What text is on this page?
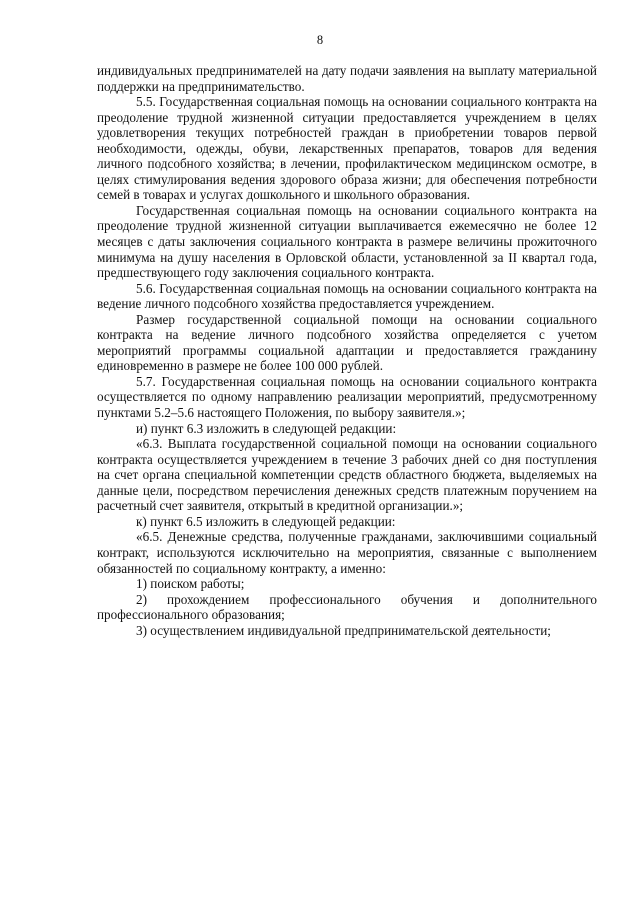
8

индивидуальных предпринимателей на дату подачи заявления на выплату материальной поддержки на предпринимательство.

5.5. Государственная социальная помощь на основании социального контракта на преодоление трудной жизненной ситуации предоставляется учреждением в целях удовлетворения текущих потребностей граждан в приобретении товаров первой необходимости, одежды, обуви, лекарственных препаратов, товаров для ведения личного подсобного хозяйства; в лечении, профилактическом медицинском осмотре, в целях стимулирования ведения здорового образа жизни; для обеспечения потребности семей в товарах и услугах дошкольного и школьного образования.

Государственная социальная помощь на основании социального контракта на преодоление трудной жизненной ситуации выплачивается ежемесячно не более 12 месяцев с даты заключения социального контракта в размере величины прожиточного минимума на душу населения в Орловской области, установленной за II квартал года, предшествующего году заключения социального контракта.

5.6. Государственная социальная помощь на основании социального контракта на ведение личного подсобного хозяйства предоставляется учреждением.

Размер государственной социальной помощи на основании социального контракта на ведение личного подсобного хозяйства определяется с учетом мероприятий программы социальной адаптации и предоставляется гражданину единовременно в размере не более 100 000 рублей.

5.7. Государственная социальная помощь на основании социального контракта осуществляется по одному направлению реализации мероприятий, предусмотренному пунктами 5.2–5.6 настоящего Положения, по выбору заявителя.»;

и) пункт 6.3 изложить в следующей редакции:

«6.3. Выплата государственной социальной помощи на основании социального контракта осуществляется учреждением в течение 3 рабочих дней со дня поступления на счет органа специальной компетенции средств областного бюджета, выделяемых на данные цели, посредством перечисления денежных средств платежным поручением на расчетный счет заявителя, открытый в кредитной организации.»;

к) пункт 6.5 изложить в следующей редакции:

«6.5. Денежные средства, полученные гражданами, заключившими социальный контракт, используются исключительно на мероприятия, связанные с выполнением обязанностей по социальному контракту, а именно:

1) поиском работы;

2) прохождением профессионального обучения и дополнительного профессионального образования;

3) осуществлением индивидуальной предпринимательской деятельности;
